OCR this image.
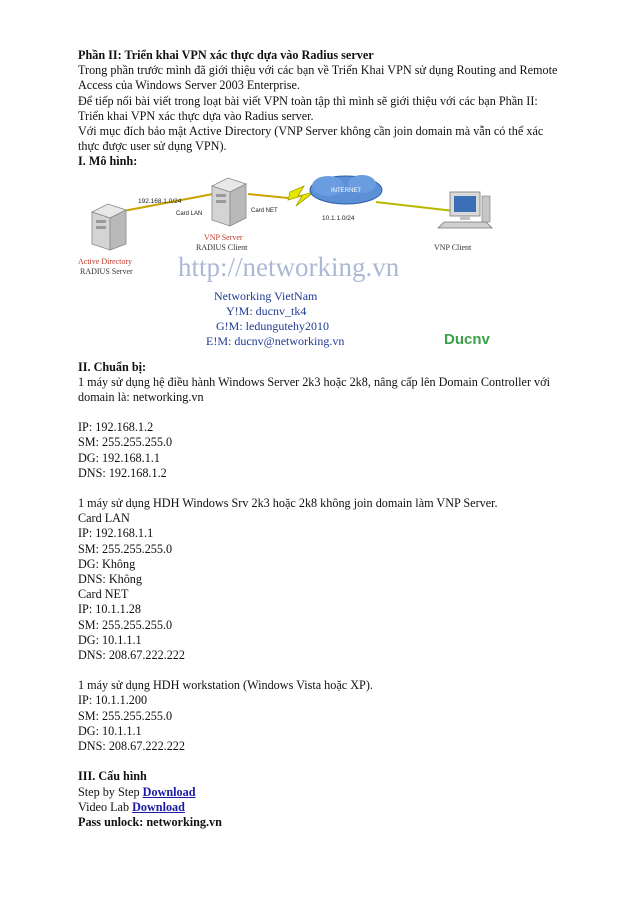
Phần II: Triển khai VPN xác thực dựa vào Radius server
Trong phần trước mình đã giới thiệu với các bạn về Triển Khai VPN sử dụng Routing and Remote
Access của Windows Server 2003 Enterprise.
Để tiếp nối bài viết trong loạt bài viết VPN toàn tập thì mình sẽ giới thiệu với các bạn Phần II:
Triển khai VPN xác thực dựa vào Radius server.
Với mục đích bảo mật Active Directory (VNP Server không cần join domain mà vẫn có thể xác
thực được user sử dụng VPN).
I. Mô hình:
INTERNET
192.168.1.0/24
Card LAN	Card NET
10.1.1.0/24
VNP Server
RADIUS Client
Active Directory
RADIUS Server
VNP Client
http://networking.vn
Networking VietNam
Y!M: ducnv_tk4
G!M: ledungutehy2010
E!M: ducnv@networking.vn	Ducnv
II. Chuẩn bị:
1 máy sử dụng hệ điều hành Windows Server 2k3 hoặc 2k8, nâng cấp lên Domain Controller với
domain là: networking.vn
IP: 192.168.1.2
SM: 255.255.255.0
DG: 192.168.1.1
DNS: 192.168.1.2
1 máy sử dụng HDH Windows Srv 2k3 hoặc 2k8 không join domain làm VNP Server.
Card LAN
IP: 192.168.1.1
SM: 255.255.255.0
DG: Không
DNS: Không
Card NET
IP: 10.1.1.28
SM: 255.255.255.0
DG: 10.1.1.1
DNS: 208.67.222.222
1 máy sử dụng HDH workstation (Windows Vista hoặc XP).
IP: 10.1.1.200
SM: 255.255.255.0
DG: 10.1.1.1
DNS: 208.67.222.222
III. Cấu hình
Step by Step Download
Video Lab Download
Pass unlock: networking.vn
